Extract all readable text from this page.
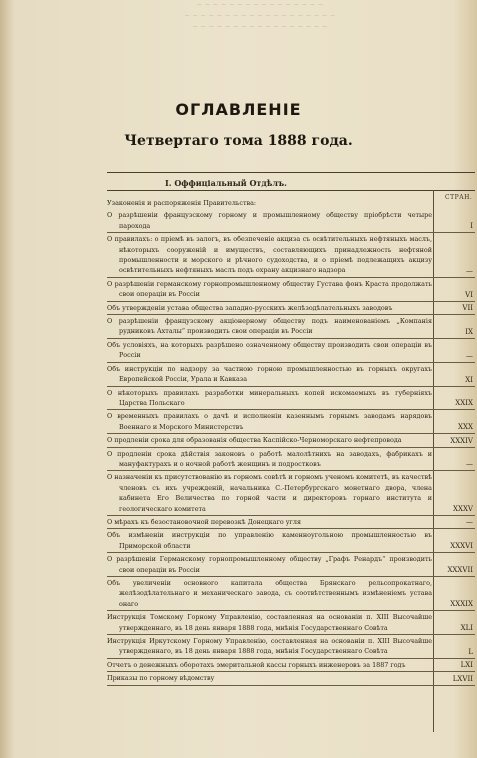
~ ~ ~ ~ ~ ~ ~ ~ ~ ~ ~ ~ ~ ~ ~ ~
~ ~ ~ ~ ~ ~ ~ ~ ~ ~ ~ ~ ~ ~ ~ ~ ~ ~ ~
~ ~ ~ ~ ~ ~ ~ ~ ~ ~ ~ ~ ~ ~ ~ ~ ~
ОГЛАВЛЕНІЕ
Четвертаго тома 1888 года.
I. Оффиціальный Отдѣлъ.
СТРАН.
Узаконенія и распоряженія Правительства:
О разрѣшеніи французскому горному и промышленному обществу пріобрѣсти четыре парохода	I
О правилахъ: о пріемѣ въ залогъ, въ обезпеченіе акциза съ освѣтительныхъ нефтяныхъ маслъ, нѣкоторыхъ сооруженій и имуществъ, составляющихъ принадлежность нефтяной промышленности и морского и рѣчного судоходства, и о пріемѣ подлежащихъ акцизу освѣтительныхъ нефтяныхъ маслъ подъ охрану акцизнаго надзора	—
О разрѣшеніи германскому горнопромышленному обществу Густава фонъ Краста продолжать свои операціи въ Россіи	VI
Объ утвержденіи устава общества западно-русскихъ желѣзодѣлательныхъ заводовъ	VII
О разрѣшеніи французскому акціонерному обществу подъ наименованіемъ „Компанія рудниковъ Ахталы“ производить свои операціи въ Россіи	IX
Объ условіяхъ, на которыхъ разрѣшено означенному обществу производить свои операціи въ Россіи	—
Объ инструкціи по надзору за частною горною промышленностью въ горныхъ округахъ Европейской Россіи, Урала и Кавказа	XI
О нѣкоторыхъ правилахъ разработки минеральныхъ копей искомаемыхъ въ губерніяхъ Царства Польскаго	XXIX
О временныхъ правилахъ о дачѣ и исполненіи казеннымъ горнымъ заводамъ нарядовъ Военнаго и Морского Министерствъ	XXX
О продленіи срока для образованія общества Каспійско-Черноморскаго нефтепровода	XXXIV
О продленіи срока дѣйствія законовъ о работѣ малолѣтнихъ на заводахъ, фабрикахъ и мануфактурахъ и о ночной работѣ женщинъ и подростковъ	—
О назначеніи къ присутствованію въ горномъ совѣтѣ и горномъ ученомъ комитетѣ, въ качествѣ членовъ съ ихъ учрежденій, начальника С.-Петербургскаго монетнаго двора, члена кабинета Его Величества по горной части и директоровъ горнаго института и геологическаго комитета	XXXV
О мѣрахъ къ безостановочной перевозкѣ Донецкаго угля	—
Объ измѣненіи инструкціи по управленію каменноугольною промышленностью въ Приморской области	XXXVI
О разрѣшеніи Германскому горнопромышленному обществу „Графъ Ренардъ“ производить свои операціи въ Россіи	XXXVII
Объ увеличеніи основного капитала общества Брянскаго рельсопрокатнаго, желѣзодѣлательнаго и механическаго завода, съ соотвѣтственнымъ измѣненіемъ устава онаго	XXXIX
Инструкція Томскому Горному Управленію, составленная на основаніи п. XIII Высочайше утвержденнаго, въ 18 день января 1888 года, мнѣнія Государственнаго Совѣта	XLI
Инструкція Иркутскому Горному Управленію, составленная на основаніи п. XIII Высочайше утвержденнаго, въ 18 день января 1888 года, мнѣнія Государственнаго Совѣта	L
Отчетъ о денежныхъ оборотахъ эмеритальной кассы горныхъ инженеровъ за 1887 годъ	LXI
Приказы по горному вѣдомству	LXVII
